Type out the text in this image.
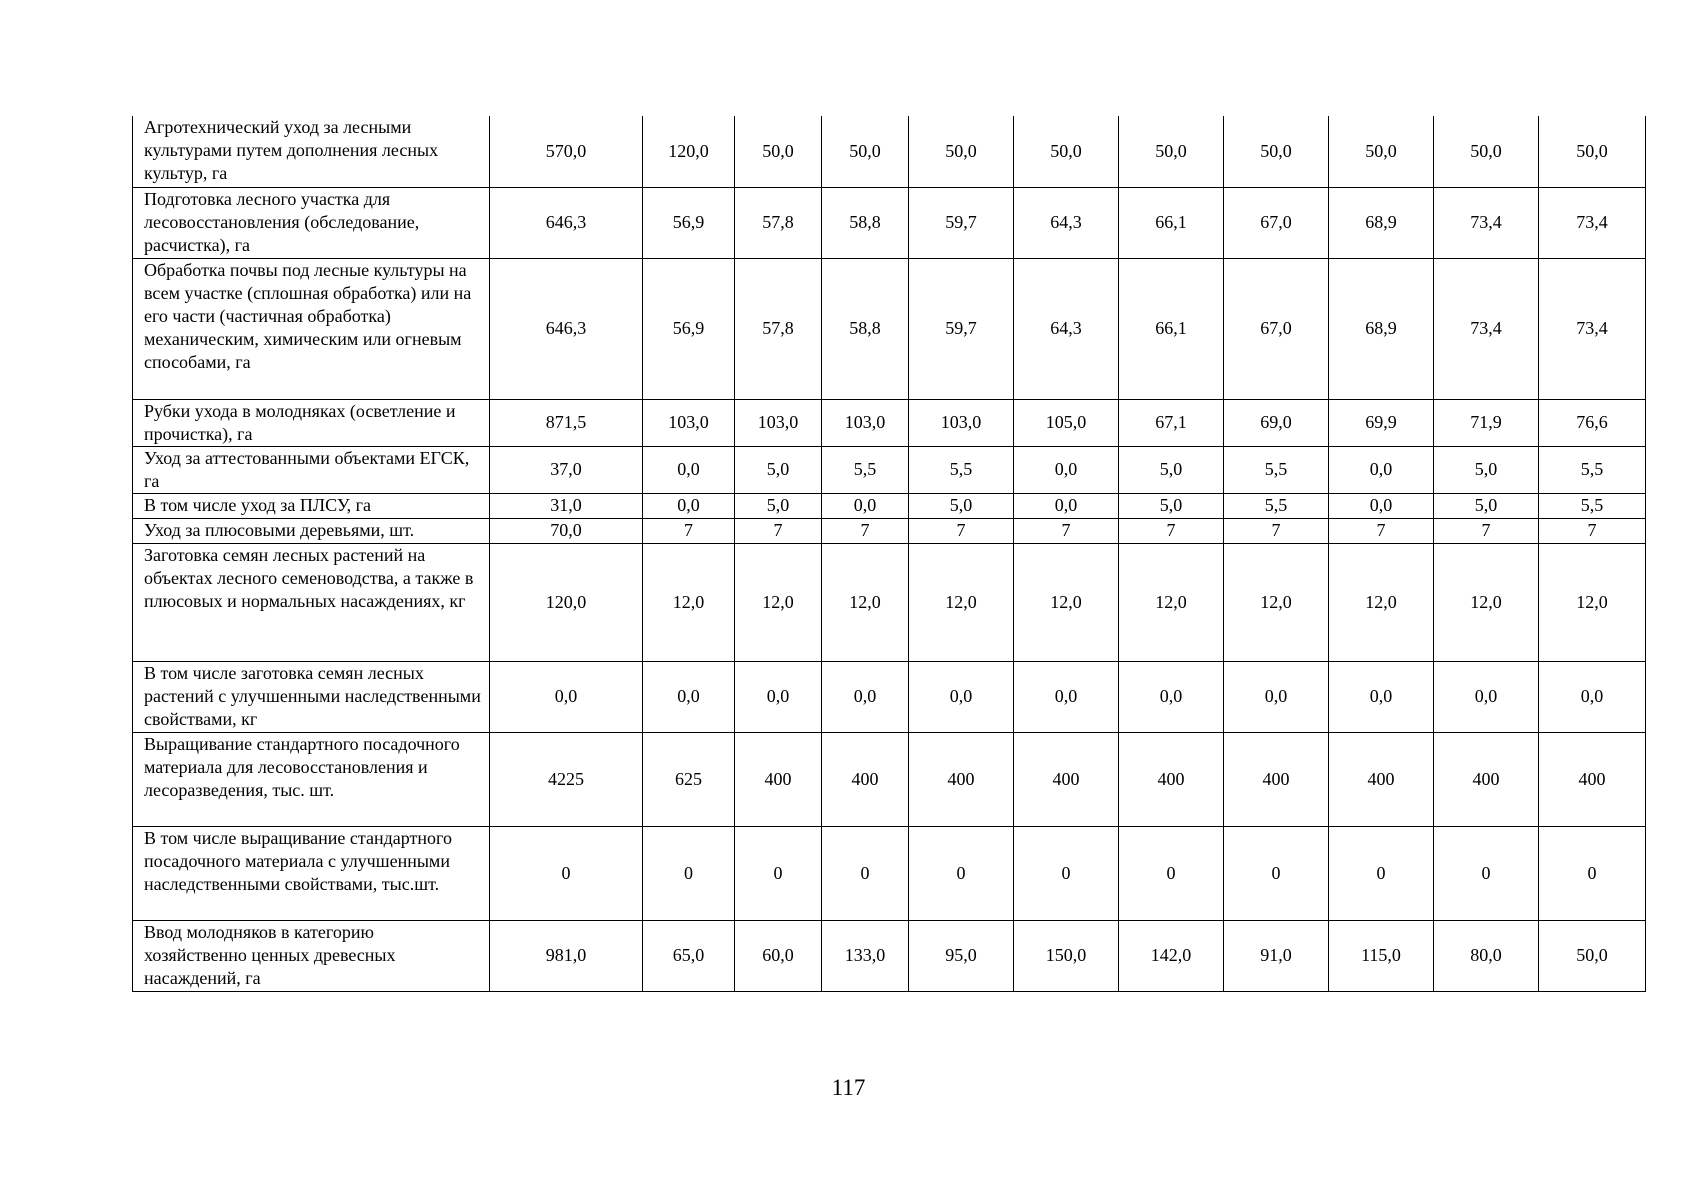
Агротехнический уход за лесными культурами путем дополнения лесных культур, га	570,0	120,0	50,0	50,0	50,0	50,0	50,0	50,0	50,0	50,0	50,0
Подготовка лесного участка для лесовосстановления (обследование, расчистка), га	646,3	56,9	57,8	58,8	59,7	64,3	66,1	67,0	68,9	73,4	73,4
Обработка почвы под лесные культуры на всем участке (сплошная обработка) или на его части (частичная обработка) механическим, химическим или огневым способами, га	646,3	56,9	57,8	58,8	59,7	64,3	66,1	67,0	68,9	73,4	73,4
Рубки ухода в молодняках (осветление и прочистка), га	871,5	103,0	103,0	103,0	103,0	105,0	67,1	69,0	69,9	71,9	76,6
Уход за аттестованными объектами ЕГСК, га	37,0	0,0	5,0	5,5	5,5	0,0	5,0	5,5	0,0	5,0	5,5
В том числе уход за ПЛСУ, га	31,0	0,0	5,0	0,0	5,0	0,0	5,0	5,5	0,0	5,0	5,5
Уход за плюсовыми деревьями, шт.	70,0	7	7	7	7	7	7	7	7	7	7
Заготовка семян лесных растений на объектах лесного семеноводства, а также в плюсовых и нормальных насаждениях, кг	120,0	12,0	12,0	12,0	12,0	12,0	12,0	12,0	12,0	12,0	12,0
В том числе заготовка семян лесных растений с улучшенными наследственными свойствами, кг	0,0	0,0	0,0	0,0	0,0	0,0	0,0	0,0	0,0	0,0	0,0
Выращивание стандартного посадочного материала для лесовосстановления и лесоразведения, тыс. шт.	4225	625	400	400	400	400	400	400	400	400	400
В том числе выращивание стандартного посадочного материала с улучшенными наследственными свойствами, тыс.шт.	0	0	0	0	0	0	0	0	0	0	0
Ввод молодняков в категорию хозяйственно ценных древесных насаждений, га	981,0	65,0	60,0	133,0	95,0	150,0	142,0	91,0	115,0	80,0	50,0
117
